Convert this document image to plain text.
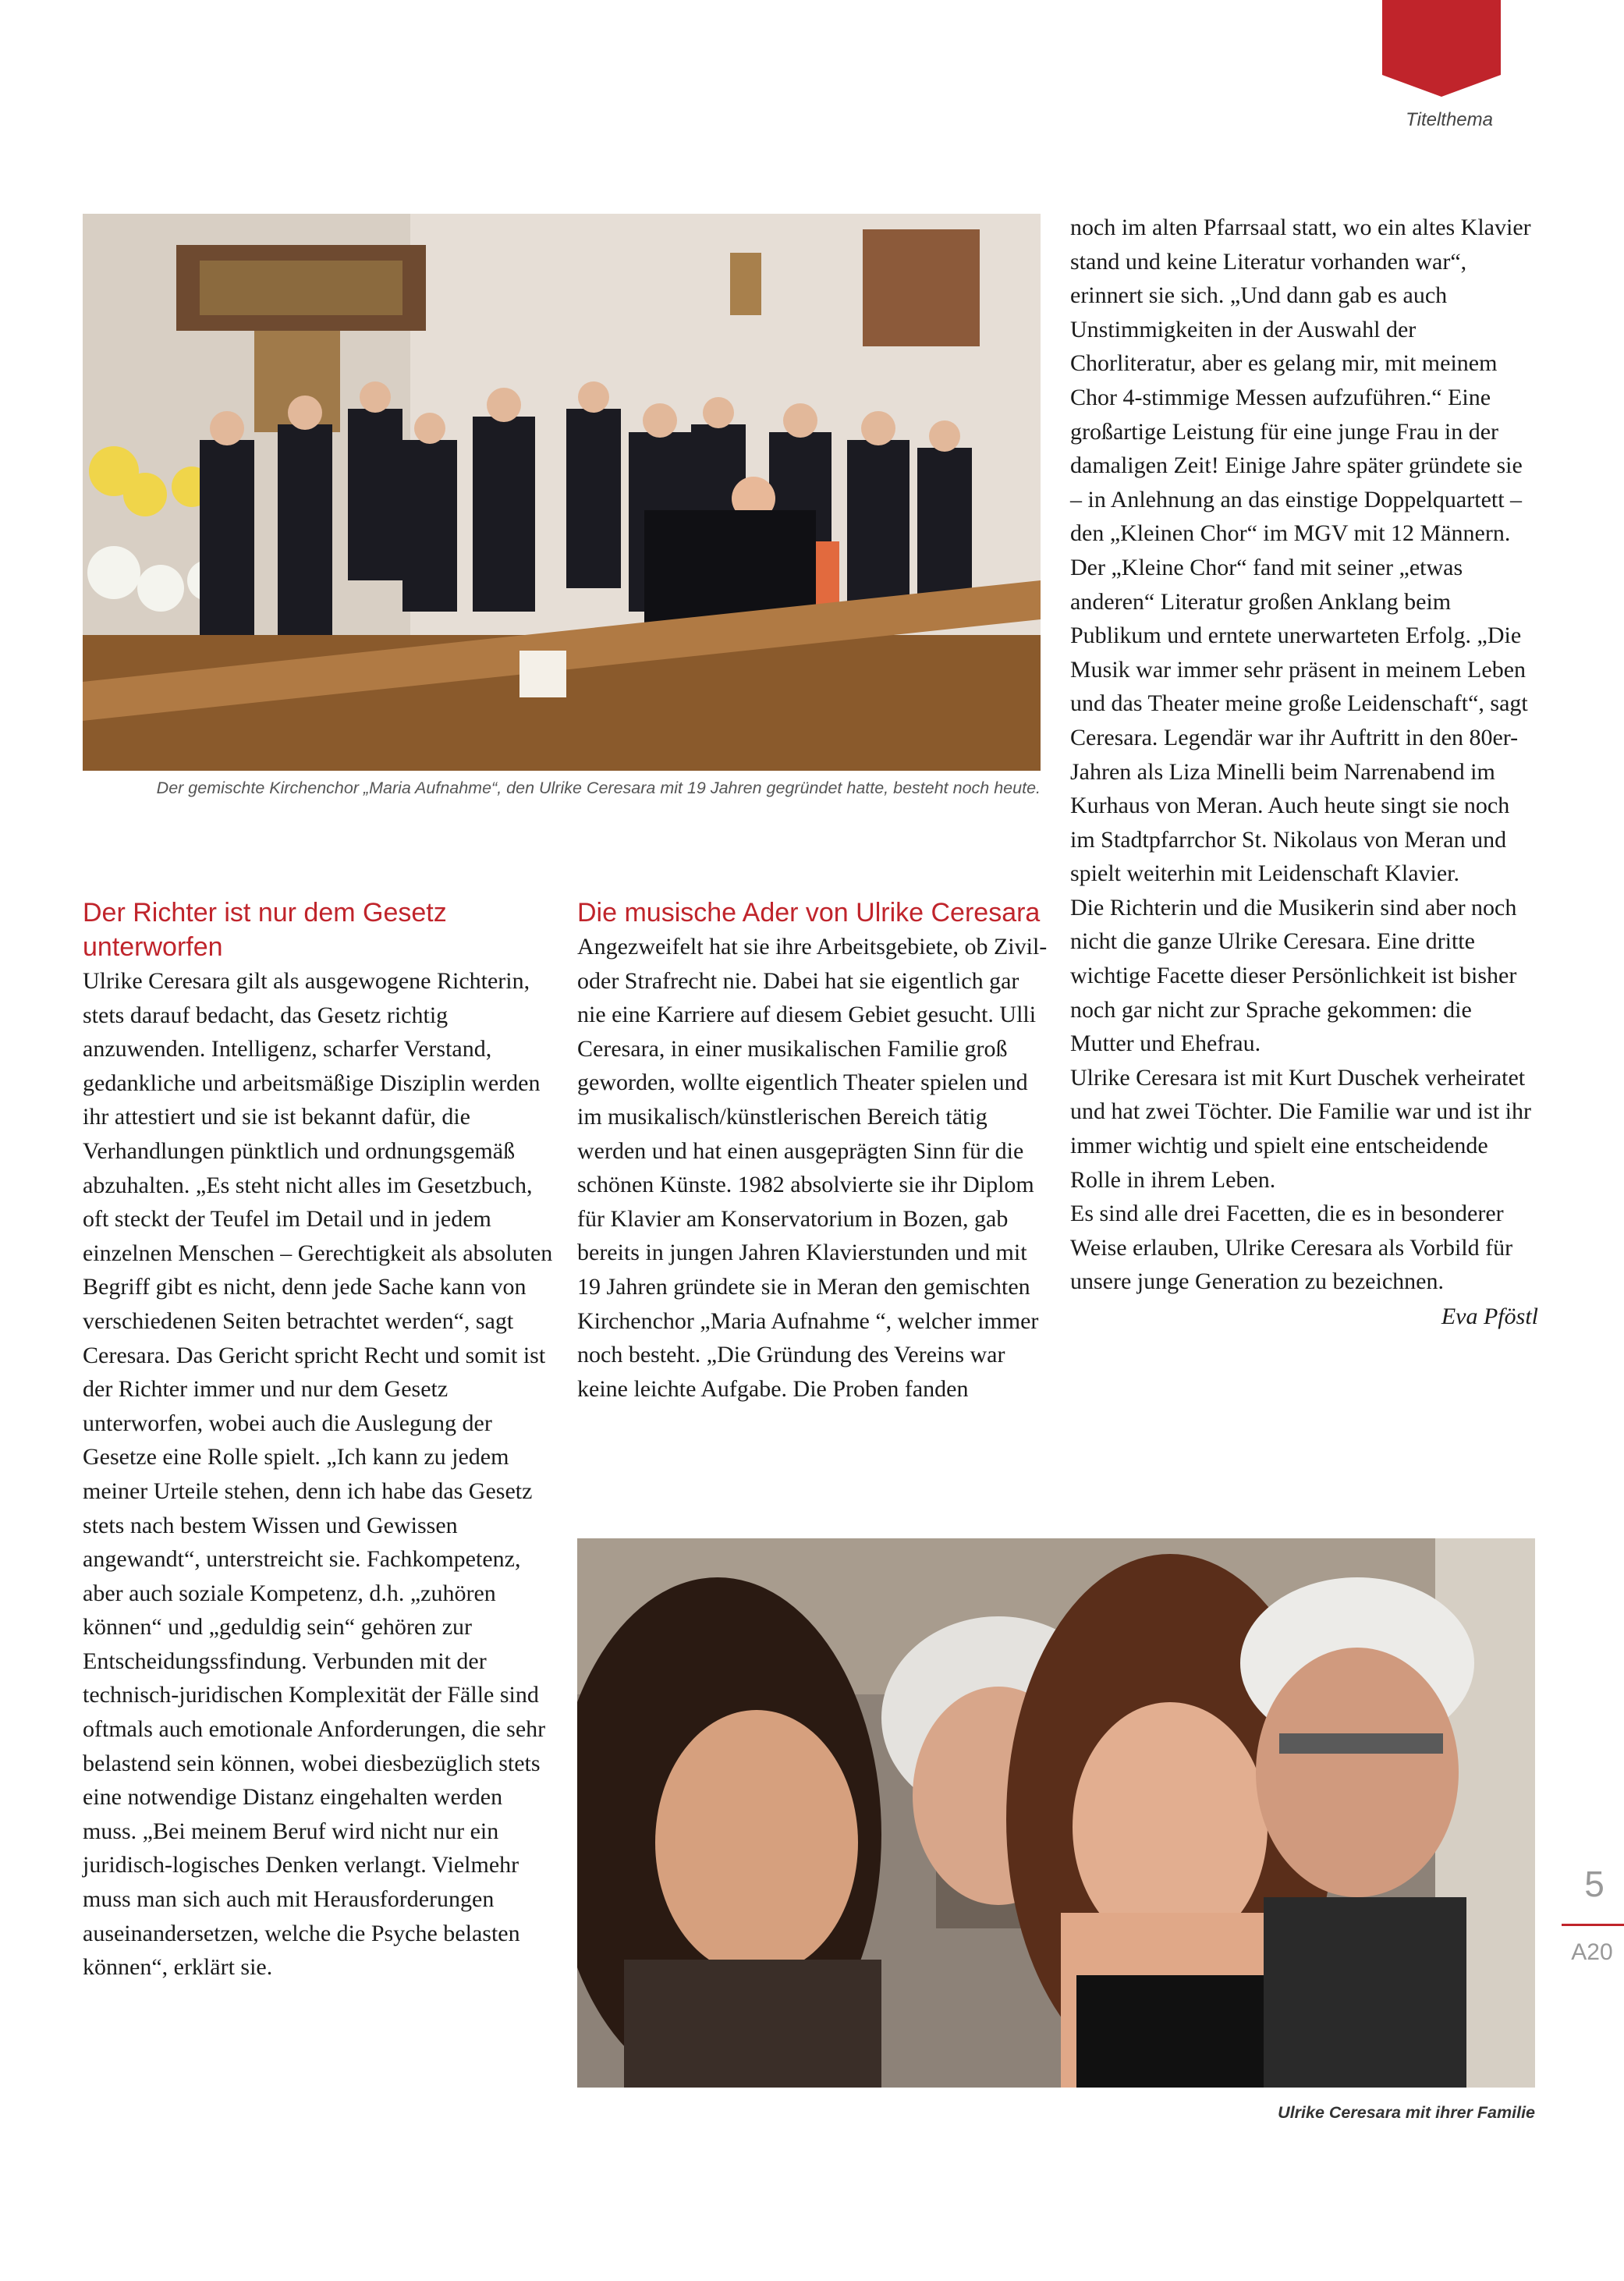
Titelthema
Der gemischte Kirchenchor „Maria Aufnahme“, den Ulrike Ceresara mit 19 Jahren gegründet hatte, besteht noch heute.
Der Richter ist nur dem Gesetz unterworfen

Ulrike Ceresara gilt als ausgewogene Richterin, stets darauf bedacht, das Gesetz richtig anzuwenden. Intelligenz, scharfer Verstand, gedankliche und arbeitsmäßige Disziplin werden ihr attestiert und sie ist bekannt dafür, die Verhandlungen pünktlich und ordnungsgemäß abzuhalten. „Es steht nicht alles im Gesetzbuch, oft steckt der Teufel im Detail und in jedem einzelnen Menschen – Gerechtigkeit als absoluten Begriff gibt es nicht, denn jede Sache kann von verschiedenen Seiten betrachtet werden“, sagt Ceresara. Das Gericht spricht Recht und somit ist der Richter immer und nur dem Gesetz unterworfen, wobei auch die Auslegung der Gesetze eine Rolle spielt. „Ich kann zu jedem meiner Urteile stehen, denn ich habe das Gesetz stets nach bestem Wissen und Gewissen angewandt“, unterstreicht sie. Fachkompetenz, aber auch soziale Kompetenz, d.h. „zuhören können“ und „geduldig sein“ gehören zur Entscheidungssfindung. Verbunden mit der technisch-juridischen Komplexität der Fälle sind oftmals auch emotionale Anforderungen, die sehr belastend sein können, wobei diesbezüglich stets eine notwendige Distanz eingehalten werden muss. „Bei meinem Beruf wird nicht nur ein juridisch-logisches Denken verlangt. Vielmehr muss man sich auch mit Herausforderungen auseinandersetzen, welche die Psyche belasten können“, erklärt sie.

Die musische Ader von Ulrike Ceresara

Angezweifelt hat sie ihre Arbeitsgebiete, ob Zivil- oder Strafrecht nie. Dabei hat sie eigentlich gar nie eine Karriere auf diesem Gebiet gesucht. Ulli Ceresara, in einer musikalischen Familie groß geworden, wollte eigentlich Theater spielen und im musikalisch/künstlerischen Bereich tätig werden und hat einen ausgeprägten Sinn für die schönen Künste. 1982 absolvierte sie ihr Diplom für Klavier am Konservatorium in Bozen, gab bereits in jungen Jahren Klavierstunden und mit 19 Jahren gründete sie in Meran den gemischten Kirchenchor „Maria Aufnahme “, welcher immer noch besteht. „Die Gründung des Vereins war keine leichte Aufgabe. Die Proben fanden

noch im alten Pfarrsaal statt, wo ein altes Klavier stand und keine Literatur vorhanden war“, erinnert sie sich. „Und dann gab es auch Unstimmigkeiten in der Auswahl der Chorliteratur, aber es gelang mir, mit meinem Chor 4-stimmige Messen aufzuführen.“ Eine großartige Leistung für eine junge Frau in der damaligen Zeit! Einige Jahre später gründete sie – in Anlehnung an das einstige Doppelquartett – den „Kleinen Chor“ im MGV mit 12 Männern. Der „Kleine Chor“ fand mit seiner „etwas anderen“ Literatur großen Anklang beim Publikum und erntete unerwarteten Erfolg. „Die Musik war immer sehr präsent in meinem Leben und das Theater meine große Leidenschaft“, sagt Ceresara. Legendär war ihr Auftritt in den 80er-Jahren als Liza Minelli beim Narrenabend im Kurhaus von Meran. Auch heute singt sie noch im Stadtpfarrchor St. Nikolaus von Meran und spielt weiterhin mit Leidenschaft Klavier.

Die Richterin und die Musikerin sind aber noch nicht die ganze Ulrike Ceresara. Eine dritte wichtige Facette dieser Persönlichkeit ist bisher noch gar nicht zur Sprache gekommen: die Mutter und Ehefrau.

Ulrike Ceresara ist mit Kurt Duschek verheiratet und hat zwei Töchter. Die Familie war und ist ihr immer wichtig und spielt eine entscheidende Rolle in ihrem Leben.

Es sind alle drei Facetten, die es in besonderer Weise erlauben, Ulrike Ceresara als Vorbild für unsere junge Generation zu bezeichnen.

Eva Pföstl

Ulrike Ceresara mit ihrer Familie
5
A20
